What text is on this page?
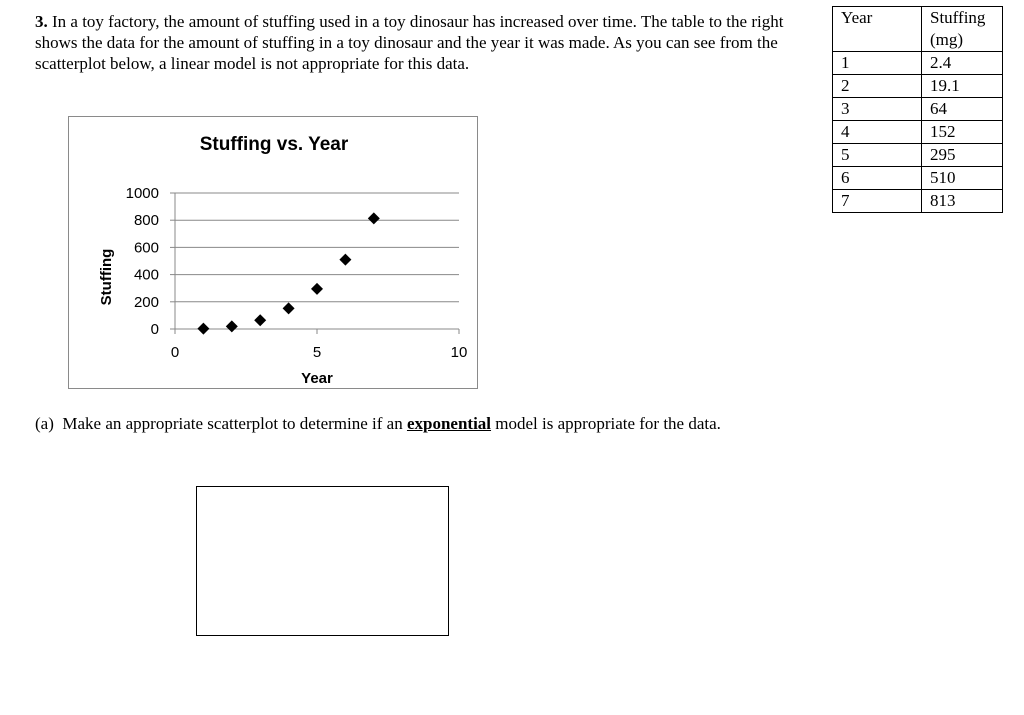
3. In a toy factory, the amount of stuffing used in a toy dinosaur has increased over time. The table to the right shows the data for the amount of stuffing in a toy dinosaur and the year it was made. As you can see from the scatterplot below, a linear model is not appropriate for this data.

Year	Stuffing (mg)
1	2.4
2	19.1
3	64
4	152
5	295
6	510
7	813
Stuffing vs. Year
0
200
400
600
800
1000
0	5	10
Year
Stuffing

(a) Make an appropriate scatterplot to determine if an exponential model is appropriate for the data.
